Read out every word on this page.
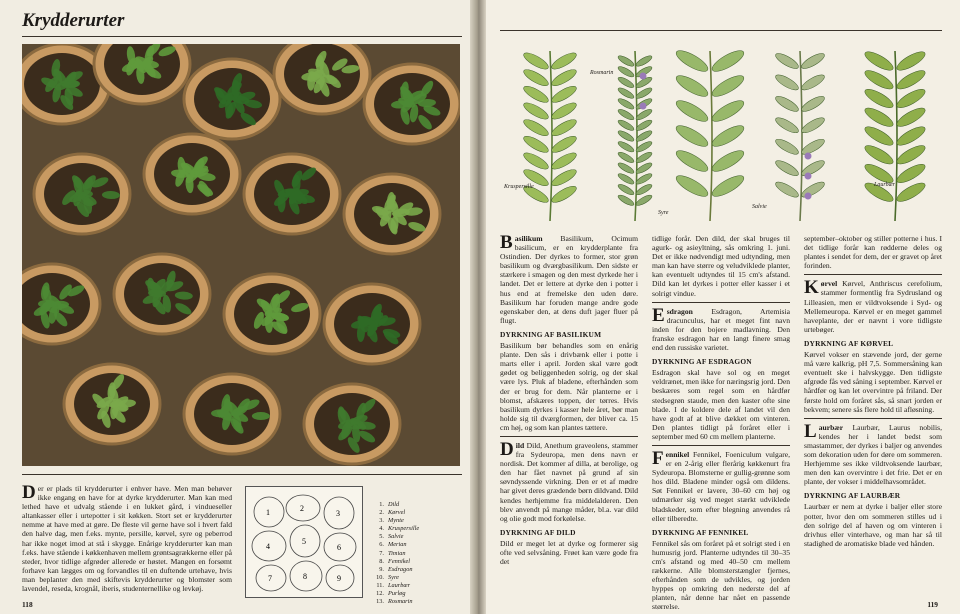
Krydderurter
D er er plads til krydderurter i enhver have. Men man behøver ikke engang en have for at dyrke krydderurter. Man kan med lethed have et udvalg stående i en lukket gård, i vindueseller altankasser eller i urtepotter i sit køkken. Stort set er krydderurter nemme at have med at gøre. De fleste vil gerne have sol i hvert fald den halve dag, men f.eks. mynte, persille, kørvel, syre og peberrod har ikke noget imod at stå i skygge. Enårige krydderurter kan man f.eks. have stående i køkkenhaven mellem grøntsagrækkerne eller på steder, hvor tidlige afgrøder allerede er høstet. Mangen en forsømt forhave kan lægges om og forvandles til en duftende urtehave, hvis man beplanter den med skiftevis krydderurter og blomster som lavendel, reseda, krognål, iberis, studenternellike og levkøj.
1	2
3
4
5
6
7	8	9
1. Dild
2. Kørvel
3. Mynte
4. Kruspersille
5. Salvie
6. Merian
7. Timian
8. Fennikel
9. Esdragon
10. Syre
11. Laurbær
12. Purløg
13. Rosmarin
118
Kruspersille
Rosmarin
Syre
Salvie
Laurbær
B asilikum Basilikum, Ocimum basilicum, er en krydderplante fra Ostindien. Der dyrkes to former, stor grøn basilikum og dværgbasilikum. Den sidste er stærkere i smagen og den mest dyrkede her i landet. Det er lettere at dyrke den i potter i hus end at fremelske den uden døre. Basilikum har foruden mange andre gode egenskaber den, at dens duft jager fluer på flugt.
DYRKNING AF BASILIKUM
Basilikum bør behandles som en enårig plante. Den sås i drivbænk eller i potte i marts eller i april. Jorden skal være godt gødet og beliggenheden solrig, og der skal være lys. Pluk af bladene, efterhånden som der er brug for dem. Når planterne er i blomst, afskæres toppen, der tørres. Hvis basilikum dyrkes i kasser hele året, bør man holde sig til dværgformen, der bliver ca. 15 cm høj, og som kan plantes tættere.
D ild Dild, Anethum graveolens, stammer fra Sydeuropa, men dens navn er nordisk. Det kommer af dilla, at berolige, og den har fået navnet på grund af sin søvndyssende virkning. Den er et af mødre har givet deres grædende børn dildvand. Dild kendes herhjemme fra middelalderen. Den blev anvendt på mange måder, bl.a. var dild og olie godt mod forkølelse.
DYRKNING AF DILD
Dild er meget let at dyrke og formerer sig ofte ved selvsåning. Frøet kan være gode fra det
tidlige forår. Den dild, der skal bruges til agurk- og asieyltning, sås omkring 1. juni. Det er ikke nødvendigt med udtynding, men man kan have større og veludviklede planter, kan eventuelt udtyndes til 15 cm's afstand. Dild kan let dyrkes i potter eller kasser i et solrigt vindue.
E sdragon Esdragon, Artemisia dracunculus, har et meget fint navn inden for den bojere madlavning. Den franske esdragon har en langt finere smag end den russiske varietet.
DYRKNING AF ESDRAGON
Esdragon skal have sol og en meget veldrænet, men ikke for næringsrig jord. Den beskæres som regel som en hårdfør stedsegrøn staude, men den kaster ofte sine blade. I de koldere dele af landet vil den have godt af at blive dækket om vinteren. Den plantes tidligt på foråret eller i september med 60 cm mellem planterne.
F ennikel Fennikel, Foeniculum vulgare, er en 2-årig eller flerårig køkkenurt fra Sydeuropa. Blomsterne er gullig-grønne som hos dild. Bladene minder også om dildens. Søt Fennikel er lavere, 30–60 cm høj og udmærker sig ved meget stærkt udviklede bladskeder, som efter blegning anvendes rå eller tilberedte.
DYRKNING AF FENNIKEL
Fennikel sås om foråret på et solrigt sted i en humusrig jord. Planterne udtyndes til 30–35 cm's afstand og med 40–50 cm mellem rækkerne. Alle blomsterstængler fjernes, efterhånden som de udvikles, og jorden hyppes op omkring den nederste del af planten, når denne har nået en passende størrelse.
september–oktober og stiller potterne i hus. I det tidlige forår kan rødderne deles og plantes i sendet for dem, der er gravet op året forinden.
K ørvel Kørvel, Anthriscus cerefolium, stammer formentlig fra Sydrusland og Lilleasien, men er vildtvoksende i Syd- og Mellemeuropa. Kørvel er en meget gammel haveplante, der er nævnt i vore tidligste urtebøger.
DYRKNING AF KØRVEL
Kørvel vokser en stævende jord, der gerne må være kalkrig, pH 7,5. Sommersåning kan eventuelt ske i halvskygge. Den tidligste afgrøde fås ved såning i september. Kørvel er hårdfør og kan let overvintre på friland. Der første hold om foråret sås, så snart jorden er bekvem; senere sås flere hold til afløsning.
L aurbær Laurbær, Laurus nobilis, kendes her i landet bedst som smastammer, der dyrkes i baljer og anvendes som dekoration uden for døre om sommeren. Herhjemme ses ikke vildtvoksende laurbær, men den kan overvintre i det frie. Det er en plante, der vokser i middelhavsområdet.
DYRKNING AF LAURBÆR
Laurbær er nem at dyrke i baljer eller store potter, hvor den om sommeren stilles ud i den solrige del af haven og om vinteren i drivhus eller vinterhave, og man har så til stadighed de aromatiske blade ved hånden.
119
